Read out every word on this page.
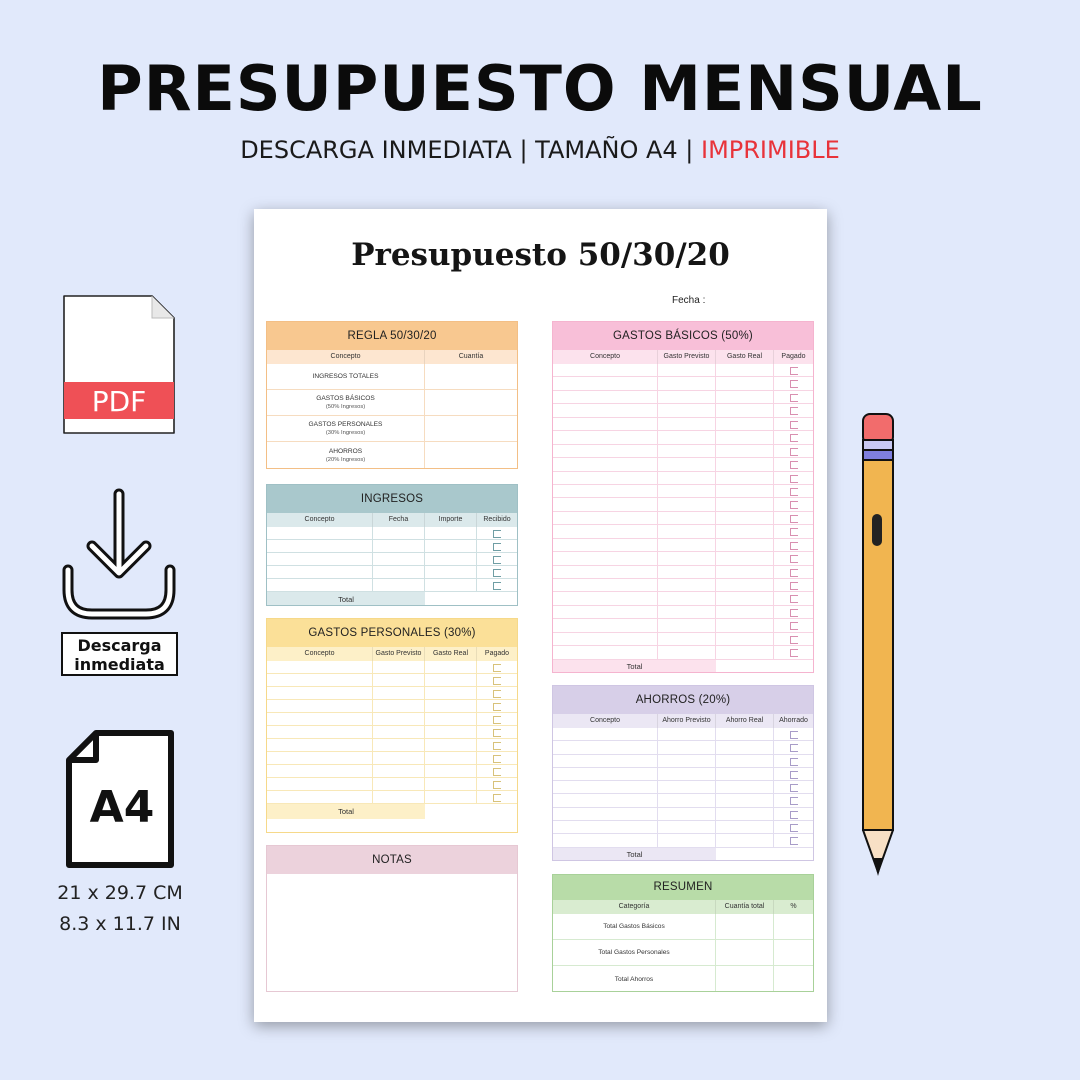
PRESUPUESTO MENSUAL
DESCARGA INMEDIATA | TAMAÑO A4 | IMPRIMIBLE
PDF
Descarga
inmediata
A4
21 x 29.7 CM
8.3 x 11.7 IN
Presupuesto 50/30/20
Fecha :
REGLA 50/30/20
Concepto	Cuantía
INGRESOS TOTALES
GASTOS BÁSICOS
(50% Ingresos)
GASTOS PERSONALES
(30% Ingresos)
AHORROS
(20% Ingresos)
INGRESOS
Concepto	Fecha	Importe	Recibido
Total
GASTOS PERSONALES (30%)
Concepto	Gasto Previsto	Gasto Real	Pagado
Total
NOTAS
GASTOS BÁSICOS (50%)
Concepto	Gasto Previsto	Gasto Real	Pagado
Total
AHORROS (20%)
Concepto	Ahorro Previsto	Ahorro Real	Ahorrado
Total
RESUMEN
Categoría	Cuantía total	%
Total Gastos Básicos
Total Gastos Personales
Total Ahorros
